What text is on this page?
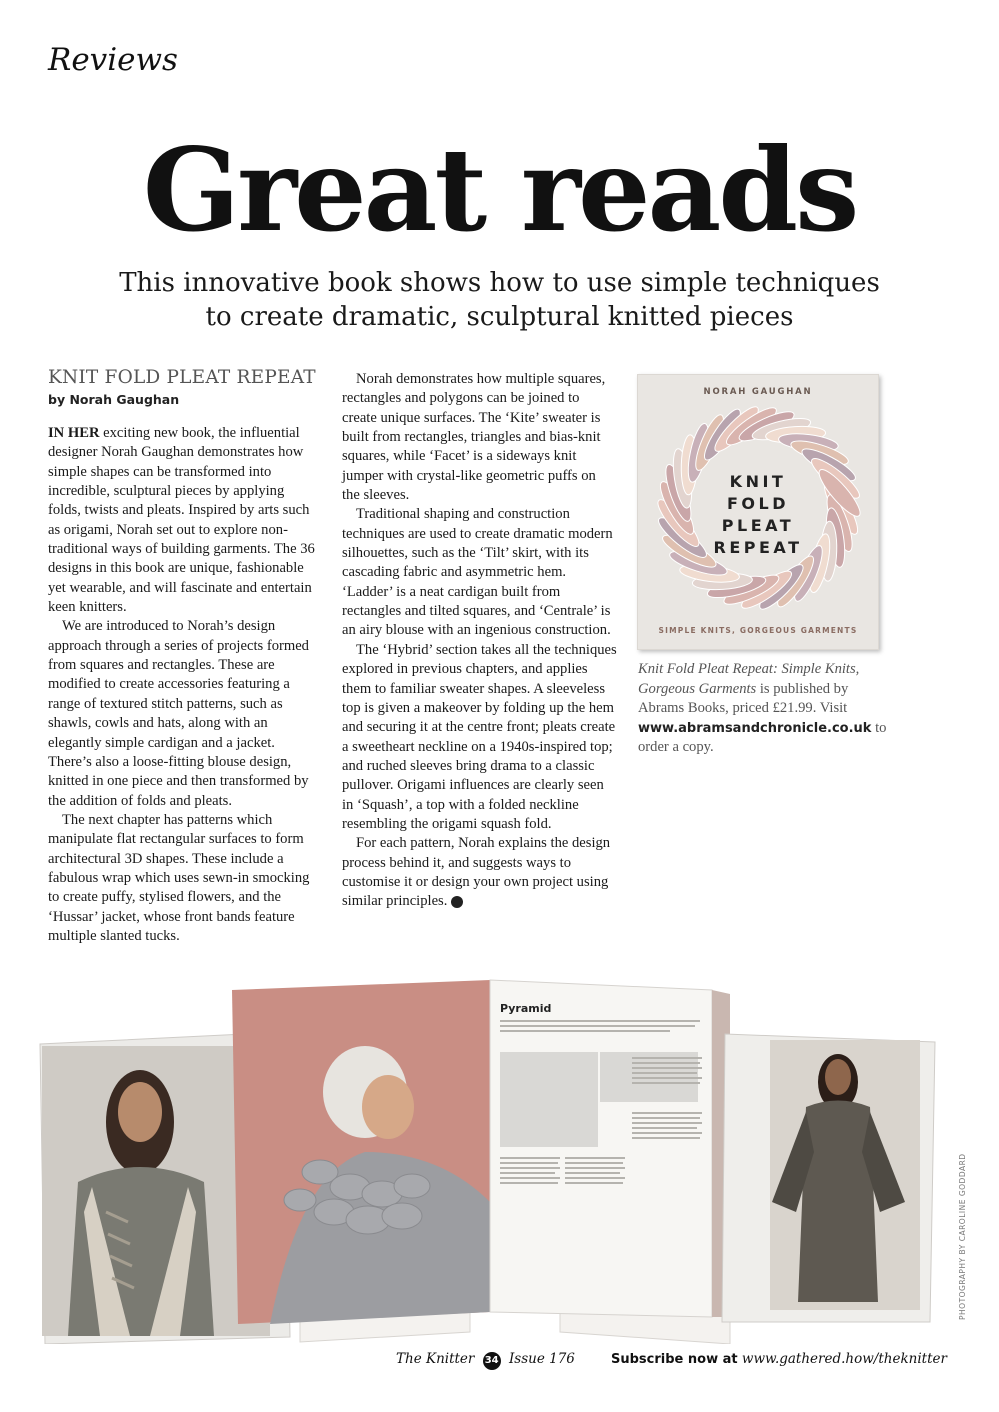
Reviews
Great reads
This innovative book shows how to use simple techniques
to create dramatic, sculptural knitted pieces
KNIT FOLD PLEAT REPEAT
by Norah Gaughan

IN HER exciting new book, the influential designer Norah Gaughan demonstrates how simple shapes can be transformed into incredible, sculptural pieces by applying folds, twists and pleats. Inspired by arts such as origami, Norah set out to explore non-traditional ways of building garments. The 36 designs in this book are unique, fashionable yet wearable, and will fascinate and entertain keen knitters.

We are introduced to Norah’s design approach through a series of projects formed from squares and rectangles. These are modified to create accessories featuring a range of textured stitch patterns, such as shawls, cowls and hats, along with an elegantly simple cardigan and a jacket. There’s also a loose-fitting blouse design, knitted in one piece and then transformed by the addition of folds and pleats.

The next chapter has patterns which manipulate flat rectangular surfaces to form architectural 3D shapes. These include a fabulous wrap which uses sewn-in smocking to create puffy, stylised flowers, and the ‘Hussar’ jacket, whose front bands feature multiple slanted tucks.

Norah demonstrates how multiple squares, rectangles and polygons can be joined to create unique surfaces. The ‘Kite’ sweater is built from rectangles, triangles and bias-knit squares, while ‘Facet’ is a sideways knit jumper with crystal-like geometric puffs on the sleeves.

Traditional shaping and construction techniques are used to create dramatic modern silhouettes, such as the ‘Tilt’ skirt, with its cascading fabric and asymmetric hem. ‘Ladder’ is a neat cardigan built from rectangles and tilted squares, and ‘Centrale’ is an airy blouse with an ingenious construction.

The ‘Hybrid’ section takes all the techniques explored in previous chapters, and applies them to familiar sweater shapes. A sleeveless top is given a makeover by folding up the hem and securing it at the centre front; pleats create a sweetheart neckline on a 1940s-inspired top; and ruched sleeves bring drama to a classic pullover. Origami influences are clearly seen in ‘Squash’, a top with a folded neckline resembling the origami squash fold.

For each pattern, Norah explains the design process behind it, and suggests ways to customise it or design your own project using similar principles. +

NORAH GAUGHAN
KNIT
FOLD
PLEAT
REPEAT
SIMPLE KNITS, GORGEOUS GARMENTS
Knit Fold Pleat Repeat: Simple Knits, Gorgeous Garments is published by Abrams Books, priced £21.99. Visit www.abramsandchronicle.co.uk to order a copy.
Pyramid
PHOTOGRAPHY BY CAROLINE GODDARD
The Knitter 34 Issue 176	Subscribe now at www.gathered.how/theknitter
